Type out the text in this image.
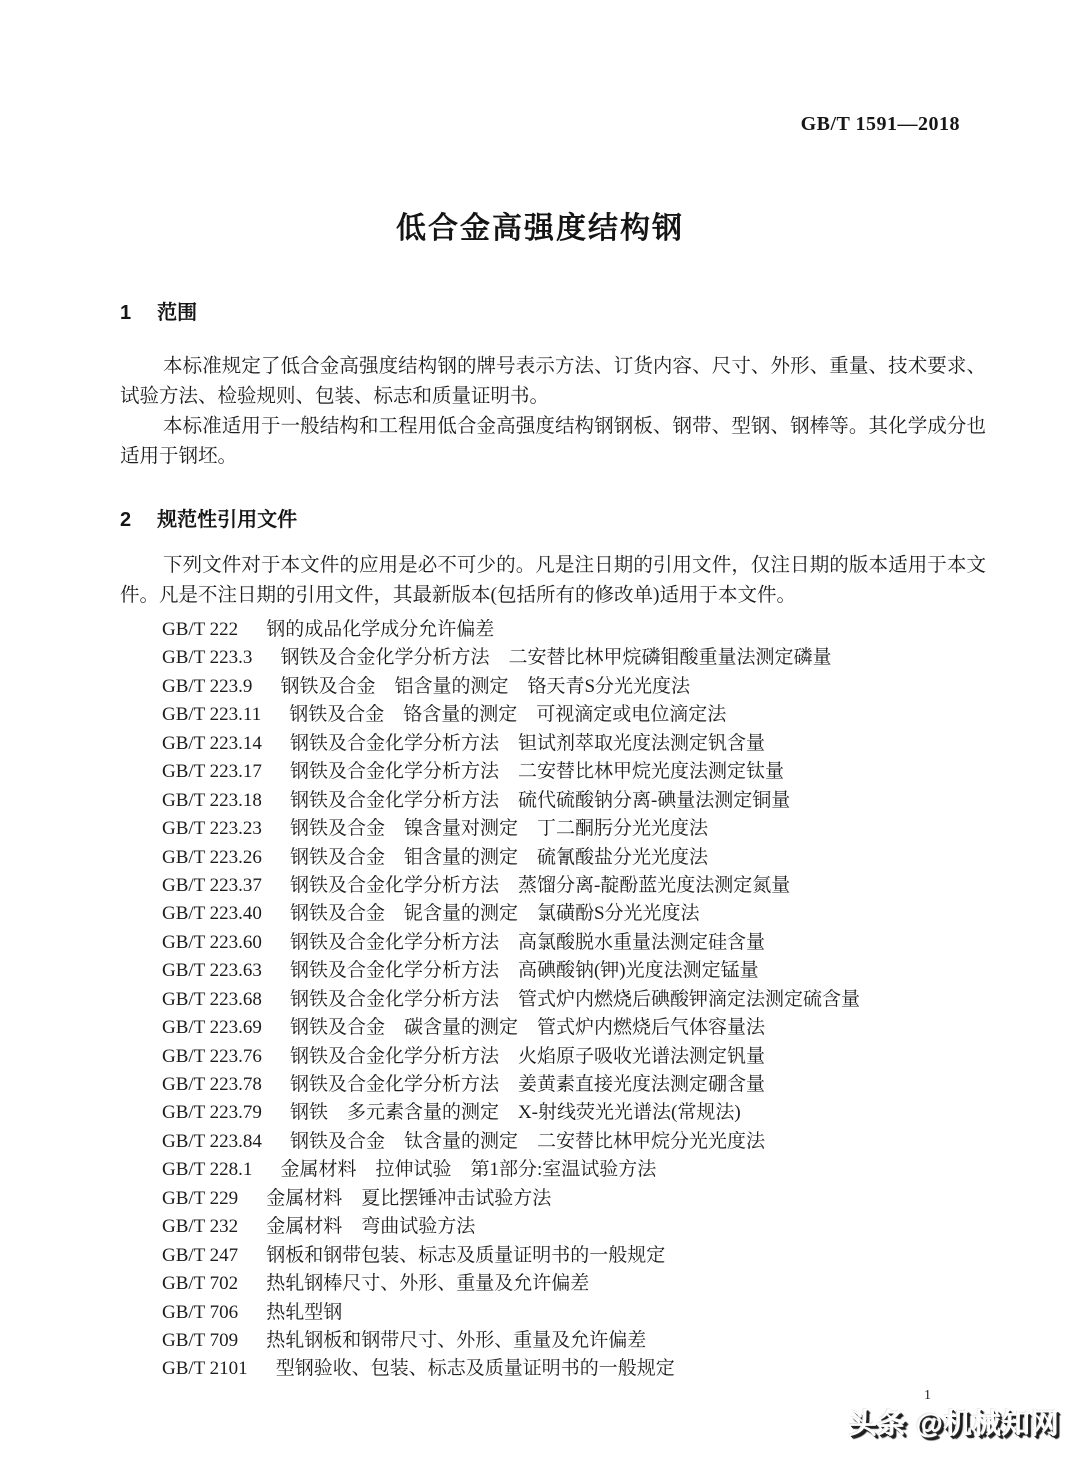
GB/T 1591—2018
低合金高强度结构钢
1 范围

本标准规定了低合金高强度结构钢的牌号表示方法、订货内容、尺寸、外形、重量、技术要求、试验方法、检验规则、包装、标志和质量证明书。

本标准适用于一般结构和工程用低合金高强度结构钢钢板、钢带、型钢、钢棒等。其化学成分也适用于钢坯。

2 规范性引用文件

下列文件对于本文件的应用是必不可少的。凡是注日期的引用文件，仅注日期的版本适用于本文件。凡是不注日期的引用文件，其最新版本(包括所有的修改单)适用于本文件。

GB/T 222 钢的成品化学成分允许偏差
GB/T 223.3 钢铁及合金化学分析方法　二安替比林甲烷磷钼酸重量法测定磷量
GB/T 223.9 钢铁及合金　铝含量的测定　铬天青S分光光度法
GB/T 223.11 钢铁及合金　铬含量的测定　可视滴定或电位滴定法
GB/T 223.14 钢铁及合金化学分析方法　钽试剂萃取光度法测定钒含量
GB/T 223.17 钢铁及合金化学分析方法　二安替比林甲烷光度法测定钛量
GB/T 223.18 钢铁及合金化学分析方法　硫代硫酸钠分离-碘量法测定铜量
GB/T 223.23 钢铁及合金　镍含量对测定　丁二酮肟分光光度法
GB/T 223.26 钢铁及合金　钼含量的测定　硫氰酸盐分光光度法
GB/T 223.37 钢铁及合金化学分析方法　蒸馏分离-靛酚蓝光度法测定氮量
GB/T 223.40 钢铁及合金　铌含量的测定　氯磺酚S分光光度法
GB/T 223.60 钢铁及合金化学分析方法　高氯酸脱水重量法测定硅含量
GB/T 223.63 钢铁及合金化学分析方法　高碘酸钠(钾)光度法测定锰量
GB/T 223.68 钢铁及合金化学分析方法　管式炉内燃烧后碘酸钾滴定法测定硫含量
GB/T 223.69 钢铁及合金　碳含量的测定　管式炉内燃烧后气体容量法
GB/T 223.76 钢铁及合金化学分析方法　火焰原子吸收光谱法测定钒量
GB/T 223.78 钢铁及合金化学分析方法　姜黄素直接光度法测定硼含量
GB/T 223.79 钢铁　多元素含量的测定　X-射线荧光光谱法(常规法)
GB/T 223.84 钢铁及合金　钛含量的测定　二安替比林甲烷分光光度法
GB/T 228.1 金属材料　拉伸试验　第1部分:室温试验方法
GB/T 229 金属材料　夏比摆锤冲击试验方法
GB/T 232 金属材料　弯曲试验方法
GB/T 247 钢板和钢带包装、标志及质量证明书的一般规定
GB/T 702 热轧钢棒尺寸、外形、重量及允许偏差
GB/T 706 热轧型钢
GB/T 709 热轧钢板和钢带尺寸、外形、重量及允许偏差
GB/T 2101 型钢验收、包装、标志及质量证明书的一般规定
1
头条 @机械知网
